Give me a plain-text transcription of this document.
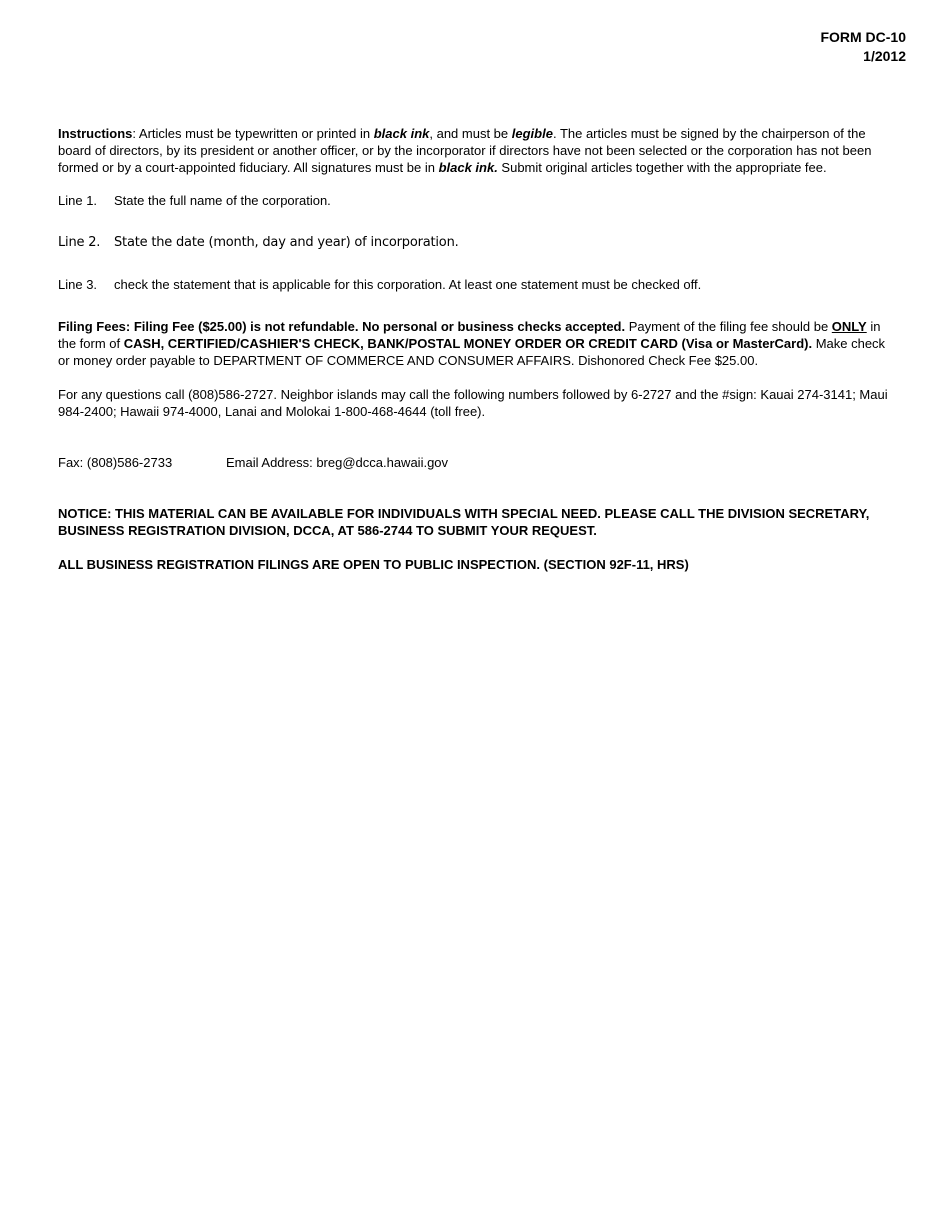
FORM DC-10
1/2012

Instructions: Articles must be typewritten or printed in black ink, and must be legible. The articles must be signed by the chairperson of the board of directors, by its president or another officer, or by the incorporator if directors have not been selected or the corporation has not been formed or by a court-appointed fiduciary. All signatures must be in black ink. Submit original articles together with the appropriate fee.

Line 1.	State the full name of the corporation.
Line 2.	State the date (month, day and year) of incorporation.
Line 3.	check the statement that is applicable for this corporation. At least one statement must be checked off.

Filing Fees: Filing Fee ($25.00) is not refundable. No personal or business checks accepted. Payment of the filing fee should be ONLY in the form of CASH, CERTIFIED/CASHIER'S CHECK, BANK/POSTAL MONEY ORDER OR CREDIT CARD (Visa or MasterCard). Make check or money order payable to DEPARTMENT OF COMMERCE AND CONSUMER AFFAIRS. Dishonored Check Fee $25.00.

For any questions call (808)586-2727. Neighbor islands may call the following numbers followed by 6-2727 and the #sign: Kauai 274-3141; Maui 984-2400; Hawaii 974-4000, Lanai and Molokai 1-800-468-4644 (toll free).

Fax: (808)586-2733	Email Address: breg@dcca.hawaii.gov

NOTICE: THIS MATERIAL CAN BE AVAILABLE FOR INDIVIDUALS WITH SPECIAL NEED. PLEASE CALL THE DIVISION SECRETARY, BUSINESS REGISTRATION DIVISION, DCCA, AT 586-2744 TO SUBMIT YOUR REQUEST.

ALL BUSINESS REGISTRATION FILINGS ARE OPEN TO PUBLIC INSPECTION. (SECTION 92F-11, HRS)
